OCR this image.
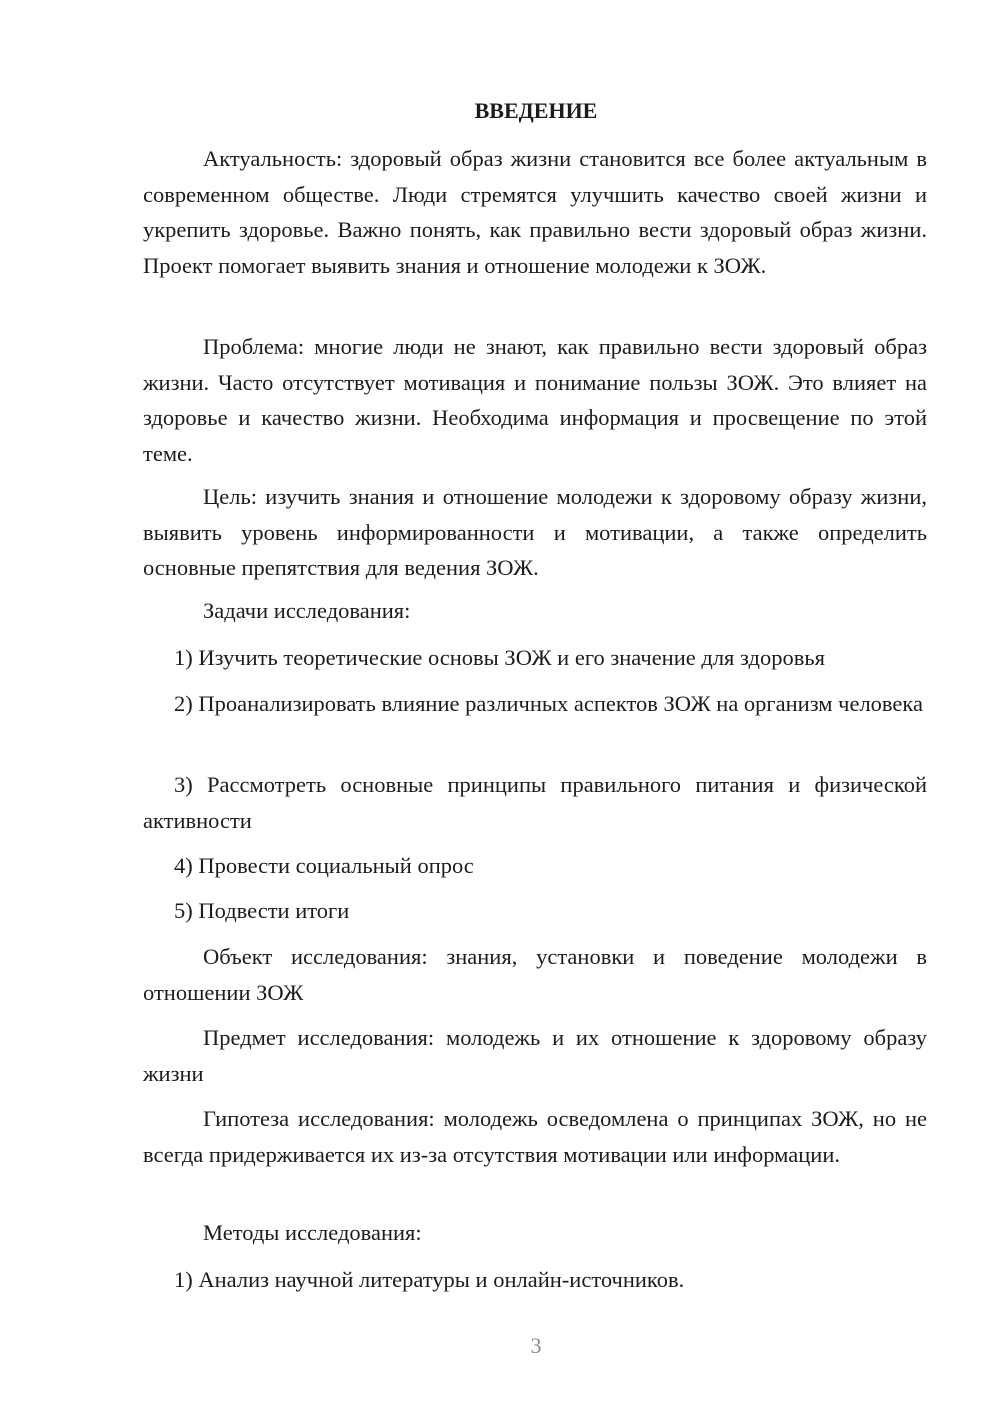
ВВЕДЕНИЕ

Актуальность: здоровый образ жизни становится все более актуальным в современном обществе. Люди стремятся улучшить качество своей жизни и укрепить здоровье. Важно понять, как правильно вести здоровый образ жизни. Проект помогает выявить знания и отношение молодежи к ЗОЖ.

Проблема: многие люди не знают, как правильно вести здоровый образ жизни. Часто отсутствует мотивация и понимание пользы ЗОЖ. Это влияет на здоровье и качество жизни. Необходима информация и просвещение по этой теме.

Цель: изучить знания и отношение молодежи к здоровому образу жизни, выявить уровень информированности и мотивации, а также определить основные препятствия для ведения ЗОЖ.

Задачи исследования:

1) Изучить теоретические основы ЗОЖ и его значение для здоровья

2) Проанализировать влияние различных аспектов ЗОЖ на организм человека

3) Рассмотреть основные принципы правильного питания и физической активности

4) Провести социальный опрос

5) Подвести итоги

Объект исследования: знания, установки и поведение молодежи в отношении ЗОЖ

Предмет исследования: молодежь и их отношение к здоровому образу жизни

Гипотеза исследования: молодежь осведомлена о принципах ЗОЖ, но не всегда придерживается их из-за отсутствия мотивации или информации.

Методы исследования:

1) Анализ научной литературы и онлайн-источников.

3
